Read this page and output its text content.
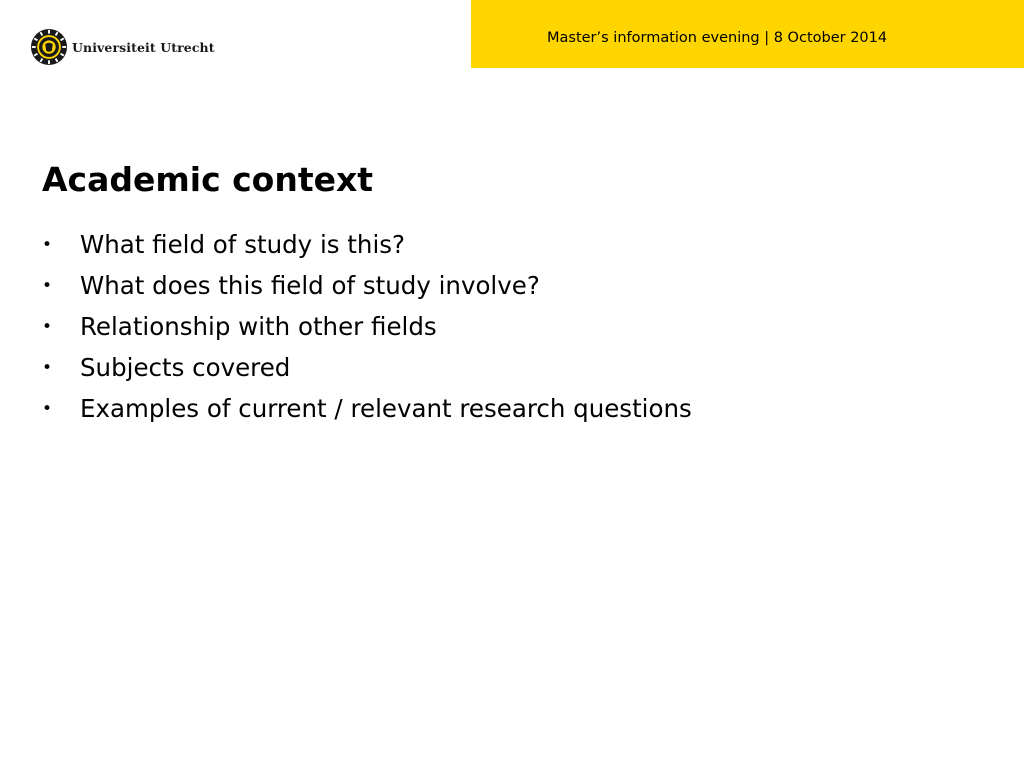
Universiteit Utrecht
Master’s information evening | 8 October 2014
Academic context
•	What field of study is this?
•	What does this field of study involve?
•	Relationship with other fields
•	Subjects covered
•	Examples of current / relevant research questions
